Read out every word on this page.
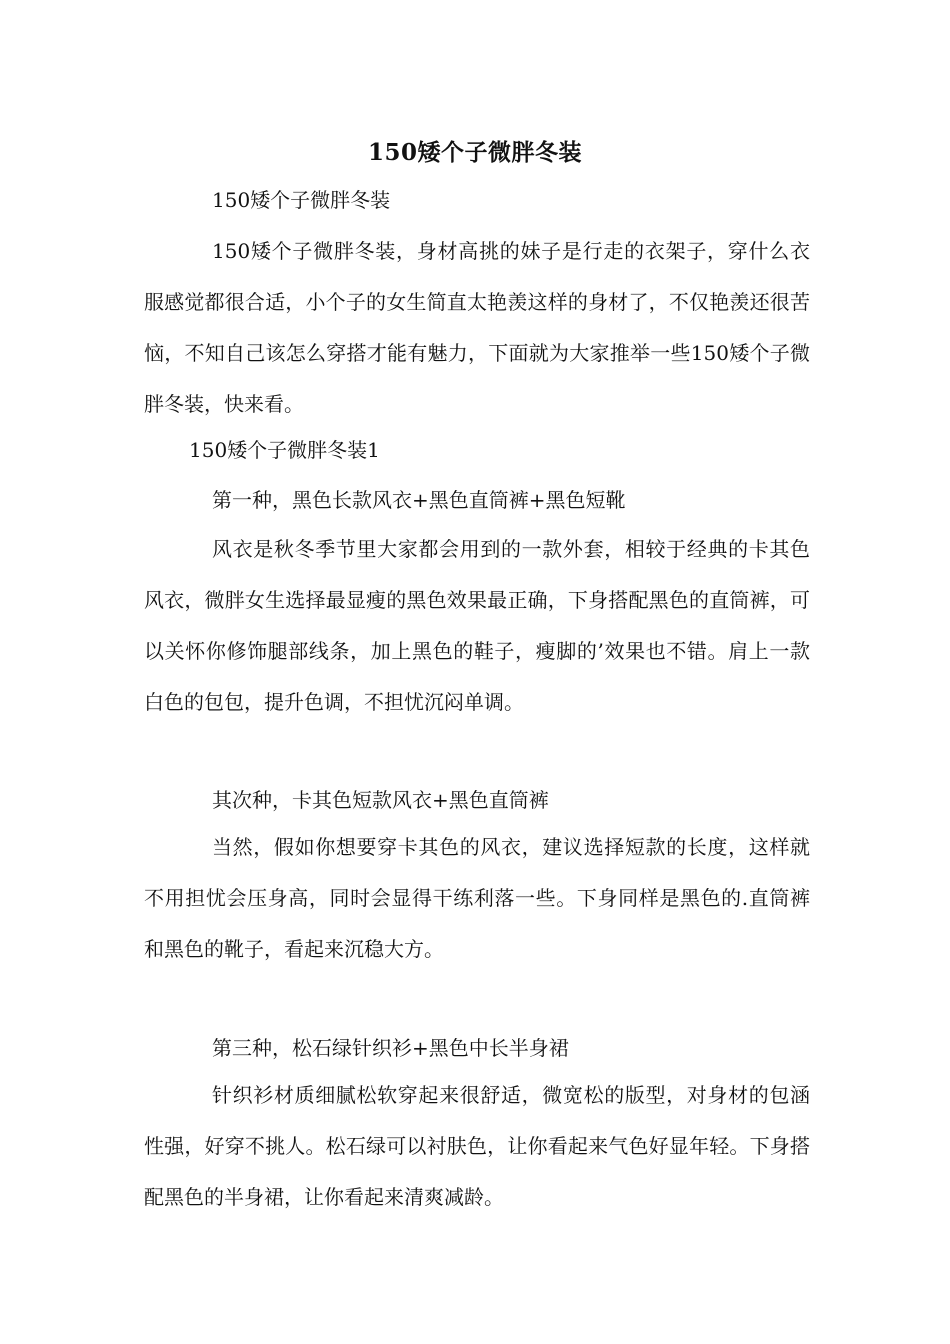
150矮个子微胖冬装
150矮个子微胖冬装
150矮个子微胖冬装，身材高挑的妹子是行走的衣架子，穿什么衣服感觉都很合适，小个子的女生简直太艳羡这样的身材了，不仅艳羡还很苦恼，不知自己该怎么穿搭才能有魅力，下面就为大家推举一些150矮个子微胖冬装，快来看。
150矮个子微胖冬装1
第一种，黑色长款风衣+黑色直筒裤+黑色短靴
风衣是秋冬季节里大家都会用到的一款外套，相较于经典的卡其色风衣，微胖女生选择最显瘦的黑色效果最正确，下身搭配黑色的直筒裤，可以关怀你修饰腿部线条，加上黑色的鞋子，瘦脚的’效果也不错。肩上一款白色的包包，提升色调，不担忧沉闷单调。
其次种，卡其色短款风衣+黑色直筒裤
当然，假如你想要穿卡其色的风衣，建议选择短款的长度，这样就不用担忧会压身高，同时会显得干练利落一些。下身同样是黑色的.直筒裤和黑色的靴子，看起来沉稳大方。
第三种，松石绿针织衫+黑色中长半身裙
针织衫材质细腻松软穿起来很舒适，微宽松的版型，对身材的包涵性强，好穿不挑人。松石绿可以衬肤色，让你看起来气色好显年轻。下身搭配黑色的半身裙，让你看起来清爽减龄。
